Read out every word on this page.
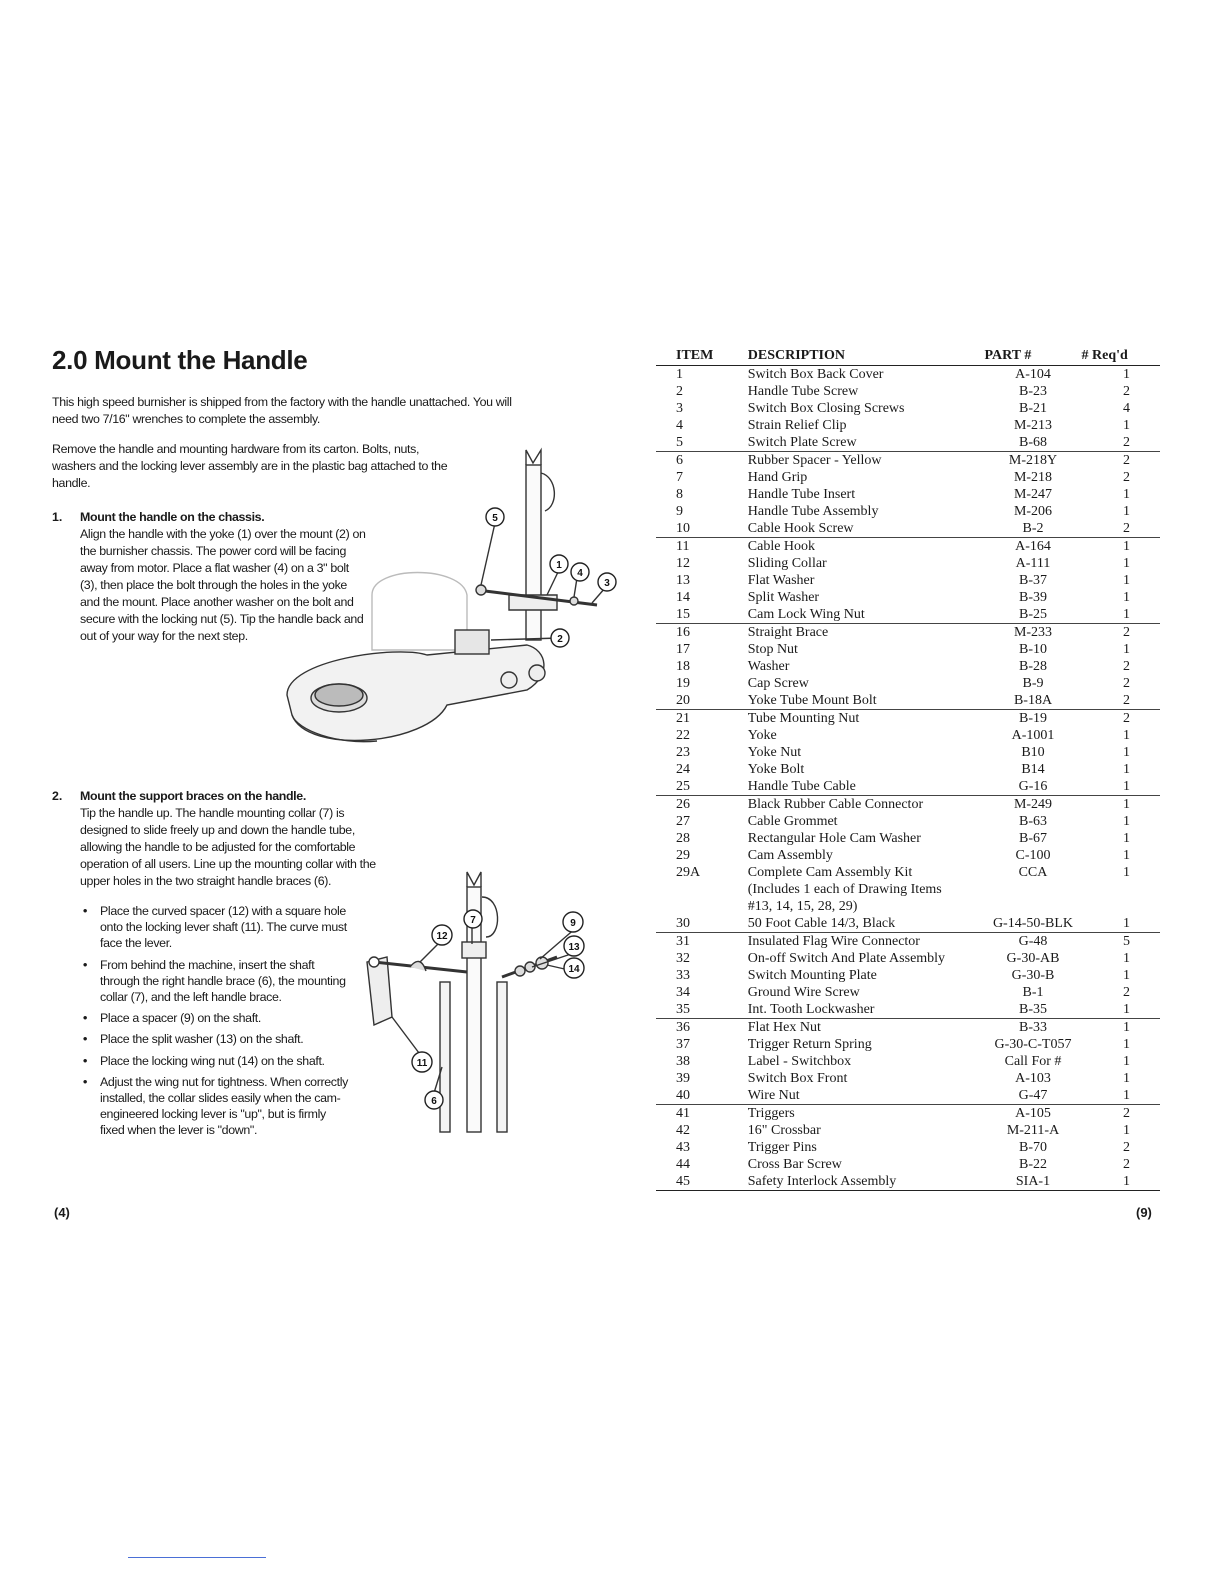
2.0 Mount the Handle
This high speed burnisher is shipped from the factory with the handle unattached. You will need two 7/16" wrenches to complete the assembly.
Remove the handle and mounting hardware from its carton. Bolts, nuts, washers and the locking lever assembly are in the plastic bag attached to the handle.
1. Mount the handle on the chassis.
Align the handle with the yoke (1) over the mount (2) on the burnisher chassis. The power cord will be facing away from motor. Place a flat washer (4) on a 3" bolt (3), then place the bolt through the holes in the yoke and the mount. Place another washer on the bolt and secure with the locking nut (5). Tip the handle back and out of your way for the next step.
5
1
4
3
2
2. Mount the support braces on the handle.
Tip the handle up. The handle mounting collar (7) is designed to slide freely up and down the handle tube, allowing the handle to be adjusted for the comfortable operation of all users. Line up the mounting collar with the upper holes in the two straight handle braces (6).
• Place the curved spacer (12) with a square hole onto the locking lever shaft (11). The curve must face the lever.
• From behind the machine, insert the shaft through the right handle brace (6), the mounting collar (7), and the left handle brace.
• Place a spacer (9) on the shaft.
• Place the split washer (13) on the shaft.
• Place the locking wing nut (14) on the shaft.
• Adjust the wing nut for tightness. When correctly installed, the collar slides easily when the cam-engineered locking lever is "up", but is firmly fixed when the lever is "down".
7
12
9
13
14
11
6
(4)
ITEM	DESCRIPTION	PART #	# Req'd
1	Switch Box Back Cover	A-104	1
2	Handle Tube Screw	B-23	2
3	Switch Box Closing Screws	B-21	4
4	Strain Relief Clip	M-213	1
5	Switch Plate Screw	B-68	2
6	Rubber Spacer - Yellow	M-218Y	2
7	Hand Grip	M-218	2
8	Handle Tube Insert	M-247	1
9	Handle Tube Assembly	M-206	1
10	Cable Hook Screw	B-2	2
11	Cable Hook	A-164	1
12	Sliding Collar	A-111	1
13	Flat Washer	B-37	1
14	Split Washer	B-39	1
15	Cam Lock Wing Nut	B-25	1
16	Straight Brace	M-233	2
17	Stop Nut	B-10	1
18	Washer	B-28	2
19	Cap Screw	B-9	2
20	Yoke Tube Mount Bolt	B-18A	2
21	Tube Mounting Nut	B-19	2
22	Yoke	A-1001	1
23	Yoke Nut	B10	1
24	Yoke Bolt	B14	1
25	Handle Tube Cable	G-16	1
26	Black Rubber Cable Connector	M-249	1
27	Cable Grommet	B-63	1
28	Rectangular Hole Cam Washer	B-67	1
29	Cam Assembly	C-100	1
29A	Complete Cam Assembly Kit
(Includes 1 each of Drawing Items
#13, 14, 15, 28, 29)	CCA	1
30	50 Foot Cable 14/3, Black	G-14-50-BLK	1
31	Insulated Flag Wire Connector	G-48	5
32	On-off Switch And Plate Assembly	G-30-AB	1
33	Switch Mounting Plate	G-30-B	1
34	Ground Wire Screw	B-1	2
35	Int. Tooth Lockwasher	B-35	1
36	Flat Hex Nut	B-33	1
37	Trigger Return Spring	G-30-C-T057	1
38	Label - Switchbox	Call For #	1
39	Switch Box Front	A-103	1
40	Wire Nut	G-47	1
41	Triggers	A-105	2
42	16" Crossbar	M-211-A	1
43	Trigger Pins	B-70	2
44	Cross Bar Screw	B-22	2
45	Safety Interlock Assembly	SIA-1	1
(9)
